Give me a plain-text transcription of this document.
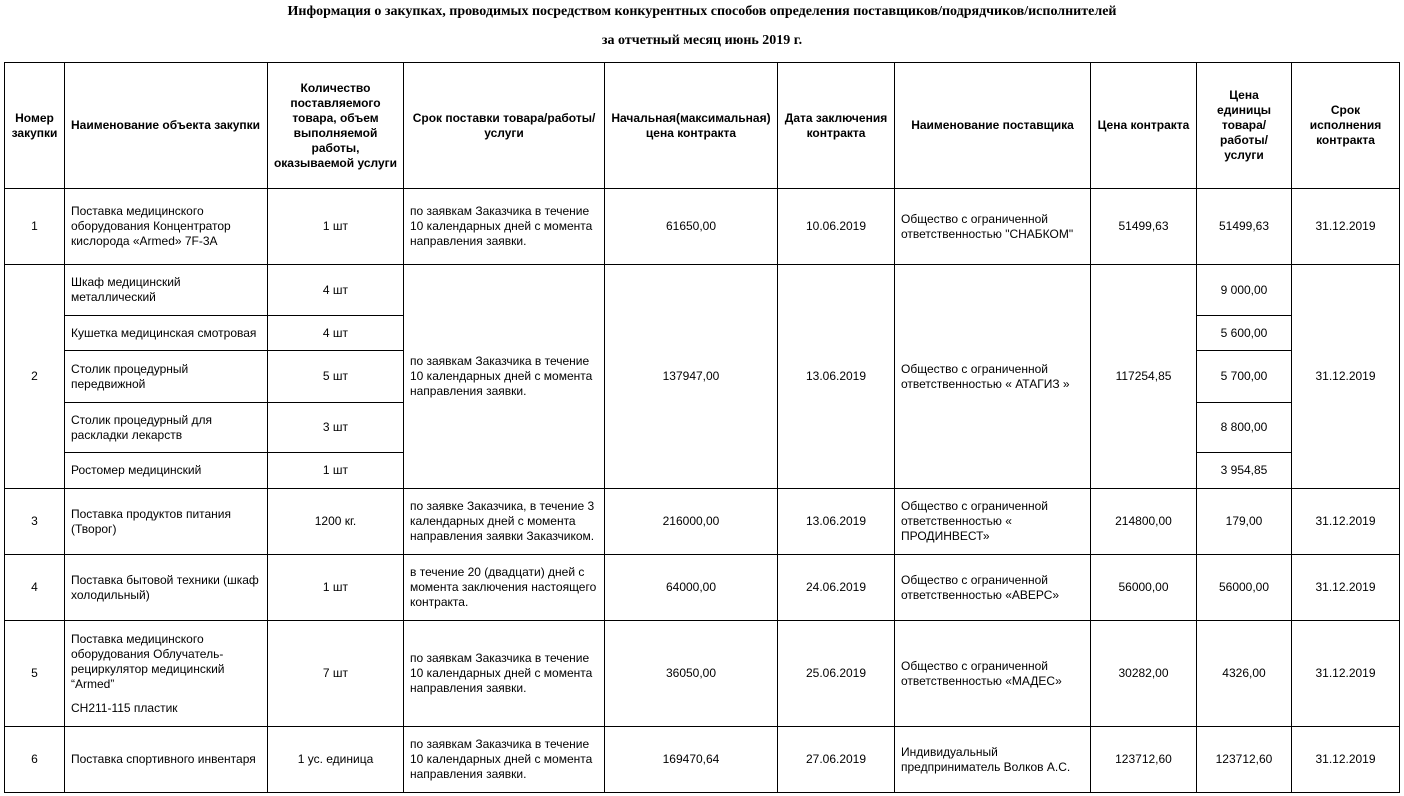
Информация о закупках, проводимых посредством конкурентных способов определения поставщиков/подрядчиков/исполнителей
за отчетный месяц июнь 2019 г.
Номер закупки	Наименование объекта закупки	Количество поставляемого товара, объем выполняемой работы, оказываемой услуги	Срок поставки товара/работы/ услуги	Начальная(максимальная) цена контракта	Дата заключения контракта	Наименование поставщика	Цена контракта	Цена единицы товара/ работы/ услуги	Срок исполнения контракта
1	Поставка медицинского оборудования Концентратор кислорода «Armed» 7F-3А	1 шт	по заявкам Заказчика в течение 10 календарных дней с момента направления заявки.	61650,00	10.06.2019	Общество с ограниченной ответственностью "СНАБКОМ"	51499,63	51499,63	31.12.2019
2	Шкаф медицинский металлический	4 шт	по заявкам Заказчика в течение 10 календарных дней с момента направления заявки.	137947,00	13.06.2019	Общество с ограниченной ответственностью « АТАГИЗ »	117254,85	9 000,00	31.12.2019
	Кушетка медицинская смотровая	4 шт						5 600,00	
	Столик процедурный передвижной	5 шт						5 700,00	
	Столик процедурный для раскладки лекарств	3 шт						8 800,00	
	Ростомер медицинский	1 шт						3 954,85	
3	Поставка продуктов питания (Творог)	1200 кг.	по заявке Заказчика, в течение 3 календарных дней с момента направления заявки Заказчиком.	216000,00	13.06.2019	Общество с ограниченной ответственностью « ПРОДИНВЕСТ»	214800,00	179,00	31.12.2019
4	Поставка бытовой техники (шкаф холодильный)	1 шт	в течение 20 (двадцати) дней с момента заключения настоящего контракта.	64000,00	24.06.2019	Общество с ограниченной ответственностью «АВЕРС»	56000,00	56000,00	31.12.2019
5	Поставка медицинского оборудования Облучатель-рециркулятор медицинский “Armed”
СН211-115 пластик	7 шт	по заявкам Заказчика в течение 10 календарных дней с момента направления заявки.	36050,00	25.06.2019	Общество с ограниченной ответственностью «МАДЕС»	30282,00	4326,00	31.12.2019
6	Поставка спортивного инвентаря	1 ус. единица	по заявкам Заказчика в течение 10 календарных дней с момента направления заявки.	169470,64	27.06.2019	Индивидуальный предприниматель Волков А.С.	123712,60	123712,60	31.12.2019
